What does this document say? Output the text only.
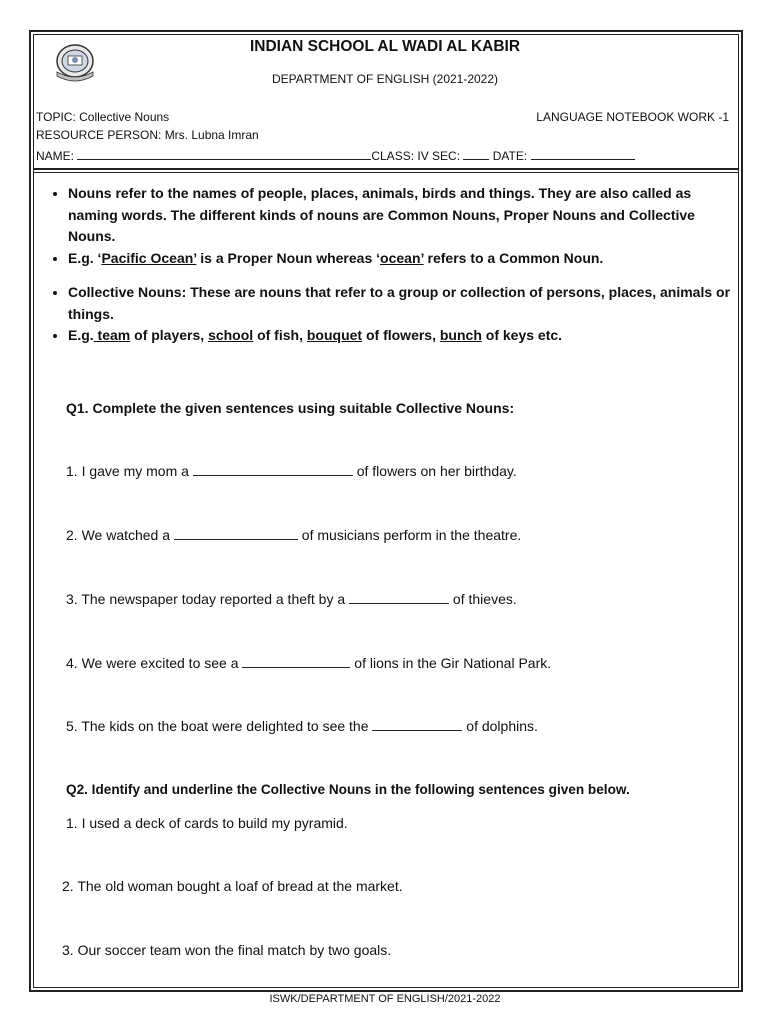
INDIAN SCHOOL AL WADI AL KABIR
DEPARTMENT OF ENGLISH (2021-2022)
TOPIC: Collective Nouns	LANGUAGE NOTEBOOK WORK -1
RESOURCE PERSON: Mrs. Lubna Imran
NAME:	CLASS: IV SEC:  DATE:
• Nouns refer to the names of people, places, animals, birds and things. They are also called as naming words. The different kinds of nouns are Common Nouns, Proper Nouns and Collective Nouns.
• E.g. ‘Pacific Ocean’ is a Proper Noun whereas ‘ocean’ refers to a Common Noun.
• Collective Nouns: These are nouns that refer to a group or collection of persons, places, animals or things.
• E.g. team of players, school of fish, bouquet of flowers, bunch of keys etc.
Q1. Complete the given sentences using suitable Collective Nouns:
1. I gave my mom a	of flowers on her birthday.
2. We watched a	of musicians perform in the theatre.
3. The newspaper today reported a theft by a	of thieves.
4. We were excited to see a	of lions in the Gir National Park.
5. The kids on the boat were delighted to see the	of dolphins.
Q2. Identify and underline the Collective Nouns in the following sentences given below.
1. I used a deck of cards to build my pyramid.
2. The old woman bought a loaf of bread at the market.
3. Our soccer team won the final match by two goals.
ISWK/DEPARTMENT OF ENGLISH/2021-2022
